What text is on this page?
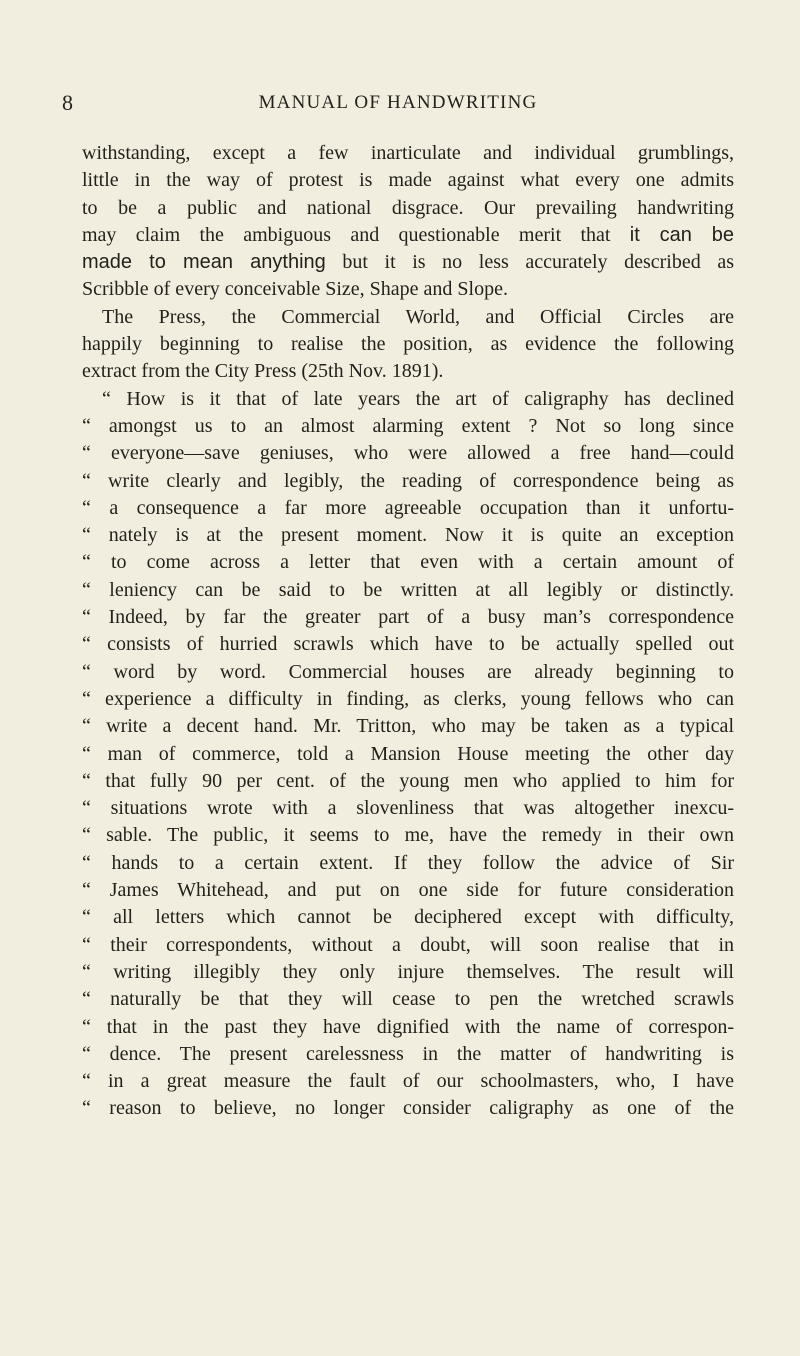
8	MANUAL OF HANDWRITING
withstanding, except a few inarticulate and individual grumblings,
little in the way of protest is made against what every one admits
to be a public and national disgrace. Our prevailing handwriting
may claim the ambiguous and questionable merit that it can be
made to mean anything but it is no less accurately described as
Scribble of every conceivable Size, Shape and Slope.
The Press, the Commercial World, and Official Circles are
happily beginning to realise the position, as evidence the following
extract from the City Press (25th Nov. 1891).
“ How is it that of late years the art of caligraphy has declined
“ amongst us to an almost alarming extent ? Not so long since
“ everyone—save geniuses, who were allowed a free hand—could
“ write clearly and legibly, the reading of correspondence being as
“ a consequence a far more agreeable occupation than it unfortu-
“ nately is at the present moment. Now it is quite an exception
“ to come across a letter that even with a certain amount of
“ leniency can be said to be written at all legibly or distinctly.
“ Indeed, by far the greater part of a busy man’s correspondence
“ consists of hurried scrawls which have to be actually spelled out
“ word by word. Commercial houses are already beginning to
“ experience a difficulty in finding, as clerks, young fellows who can
“ write a decent hand. Mr. Tritton, who may be taken as a typical
“ man of commerce, told a Mansion House meeting the other day
“ that fully 90 per cent. of the young men who applied to him for
“ situations wrote with a slovenliness that was altogether inexcu-
“ sable. The public, it seems to me, have the remedy in their own
“ hands to a certain extent. If they follow the advice of Sir
“ James Whitehead, and put on one side for future consideration
“ all letters which cannot be deciphered except with difficulty,
“ their correspondents, without a doubt, will soon realise that in
“ writing illegibly they only injure themselves. The result will
“ naturally be that they will cease to pen the wretched scrawls
“ that in the past they have dignified with the name of correspon-
“ dence. The present carelessness in the matter of handwriting is
“ in a great measure the fault of our schoolmasters, who, I have
“ reason to believe, no longer consider caligraphy as one of the
